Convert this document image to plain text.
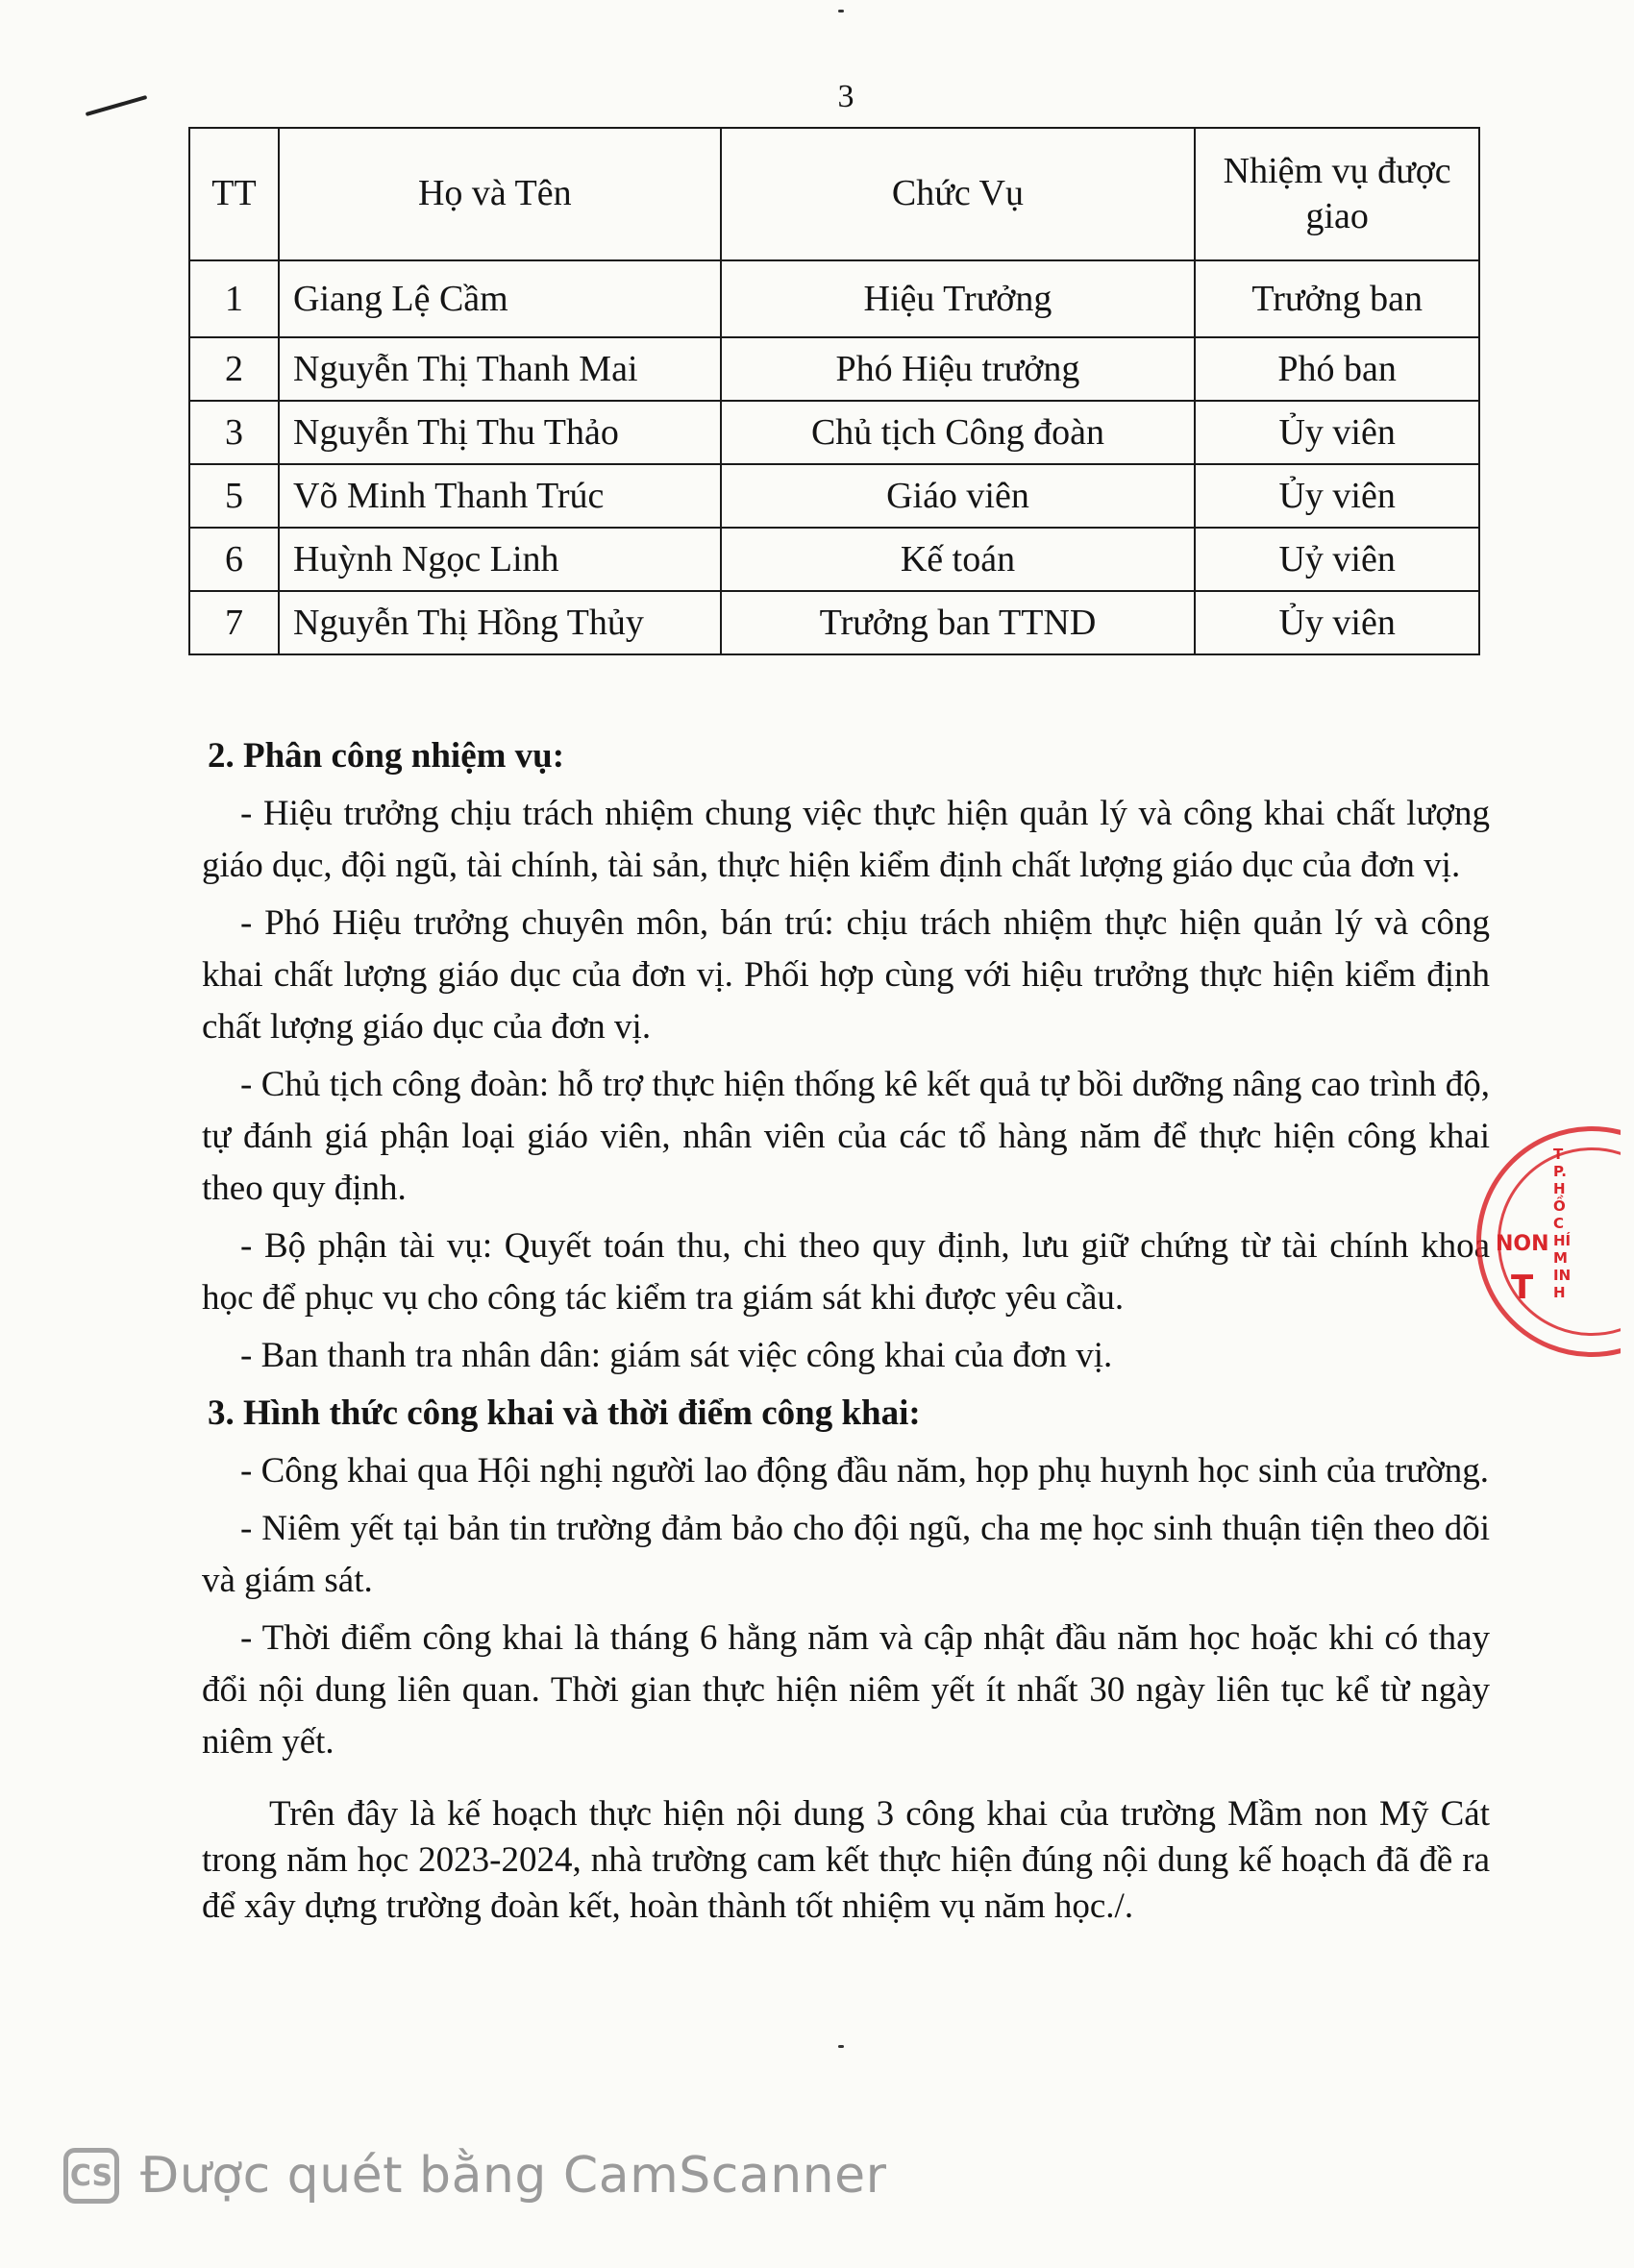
3
TT	Họ và Tên	Chức Vụ	Nhiệm vụ được giao
1	Giang Lệ Cầm	Hiệu Trưởng	Trưởng ban
2	Nguyễn Thị Thanh Mai	Phó Hiệu trưởng	Phó ban
3	Nguyễn Thị Thu Thảo	Chủ tịch Công đoàn	Ủy viên
5	Võ Minh Thanh Trúc	Giáo viên	Ủy viên
6	Huỳnh Ngọc Linh	Kế toán	Uỷ viên
7	Nguyễn Thị Hồng Thủy	Trưởng ban TTND	Ủy viên
2. Phân công nhiệm vụ:

- Hiệu trưởng chịu trách nhiệm chung việc thực hiện quản lý và công khai chất lượng giáo dục, đội ngũ, tài chính, tài sản, thực hiện kiểm định chất lượng giáo dục của đơn vị.

- Phó Hiệu trưởng chuyên môn, bán trú: chịu trách nhiệm thực hiện quản lý và công khai chất lượng giáo dục của đơn vị. Phối hợp cùng với hiệu trưởng thực hiện kiểm định chất lượng giáo dục của đơn vị.

- Chủ tịch công đoàn: hỗ trợ thực hiện thống kê kết quả tự bồi dưỡng nâng cao trình độ, tự đánh giá phận loại giáo viên, nhân viên của các tổ hàng năm để thực hiện công khai theo quy định.

- Bộ phận tài vụ: Quyết toán thu, chi theo quy định, lưu giữ chứng từ tài chính khoa học để phục vụ cho công tác kiểm tra giám sát khi được yêu cầu.

- Ban thanh tra nhân dân: giám sát việc công khai của đơn vị.

3. Hình thức công khai và thời điểm công khai:

- Công khai qua Hội nghị người lao động đầu năm, họp phụ huynh học sinh của trường.

- Niêm yết tại bản tin trường đảm bảo cho đội ngũ, cha mẹ học sinh thuận tiện theo dõi và giám sát.

- Thời điểm công khai là tháng 6 hằng năm và cập nhật đầu năm học hoặc khi có thay đổi nội dung liên quan. Thời gian thực hiện niêm yết ít nhất 30 ngày liên tục kể từ ngày niêm yết.

Trên đây là kế hoạch thực hiện nội dung 3 công khai của trường Mầm non Mỹ Cát trong năm học 2023-2024, nhà trường cam kết thực hiện đúng nội dung kế hoạch đã đề ra để xây dựng trường đoàn kết, hoàn thành tốt nhiệm vụ năm học./.

NON
T
TP. HỒ CHÍ MINH
CS Được quét bằng CamScanner
